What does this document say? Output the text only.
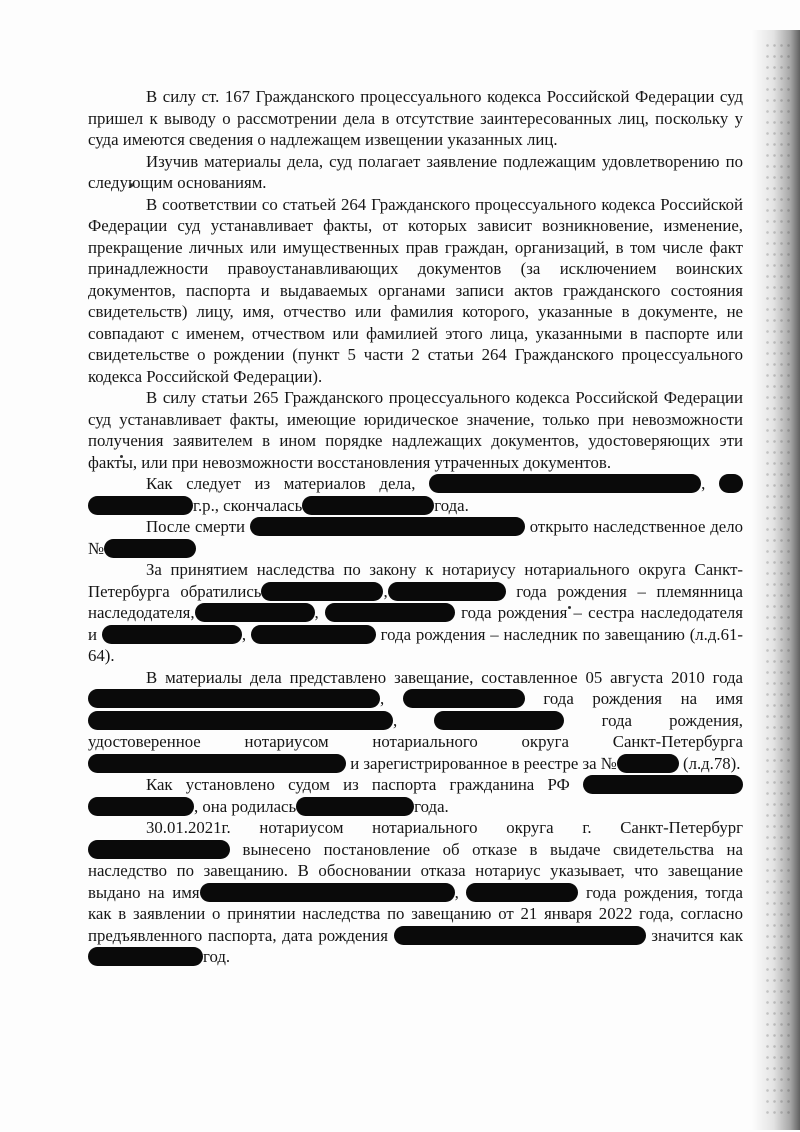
В силу ст. 167 Гражданского процессуального кодекса Российской Федерации суд пришел к выводу о рассмотрении дела в отсутствие заинтересованных лиц, поскольку у суда имеются сведения о надлежащем извещении указанных лиц.

Изучив материалы дела, суд полагает заявление подлежащим удовлетворению по следующим основаниям.

В соответствии со статьей 264 Гражданского процессуального кодекса Российской Федерации суд устанавливает факты, от которых зависит возникновение, изменение, прекращение личных или имущественных прав граждан, организаций, в том числе факт принадлежности правоустанавливающих документов (за исключением воинских документов, паспорта и выдаваемых органами записи актов гражданского состояния свидетельств) лицу, имя, отчество или фамилия которого, указанные в документе, не совпадают с именем, отчеством или фамилией этого лица, указанными в паспорте или свидетельстве о рождении (пункт 5 части 2 статьи 264 Гражданского процессуального кодекса Российской Федерации).

В силу статьи 265 Гражданского процессуального кодекса Российской Федерации суд устанавливает факты, имеющие юридическое значение, только при невозможности получения заявителем в ином порядке надлежащих документов, удостоверяющих эти факты, или при невозможности восстановления утраченных документов.

Как следует из материалов дела,	,  г.р., скончалась	года.

После смерти	открыто наследственное дело №

За принятием наследства по закону к нотариусу нотариального округа Санкт-Петербурга обратились	,	года рождения – племянница наследодателя,	,	года рождения – сестра наследодателя и	,	года рождения – наследник по завещанию (л.д.61-64).

В материалы дела представлено завещание, составленное 05 августа 2010 года,	года рождения на имя ,	года рождения, удостоверенное нотариусом нотариального округа Санкт-Петербурга  и зарегистрированное в реестре за №	(л.д.78).

Как установлено судом из паспорта гражданина РФ  , она родилась	года.

30.01.2021г. нотариусом нотариального округа г. Санкт-Петербург  вынесено постановление об отказе в выдаче свидетельства на наследство по завещанию. В обосновании отказа нотариус указывает, что завещание выдано на имя	,	года рождения, тогда как в заявлении о принятии наследства по завещанию от 21 января 2022 года, согласно предъявленного паспорта, дата рождения	значится какгод.
